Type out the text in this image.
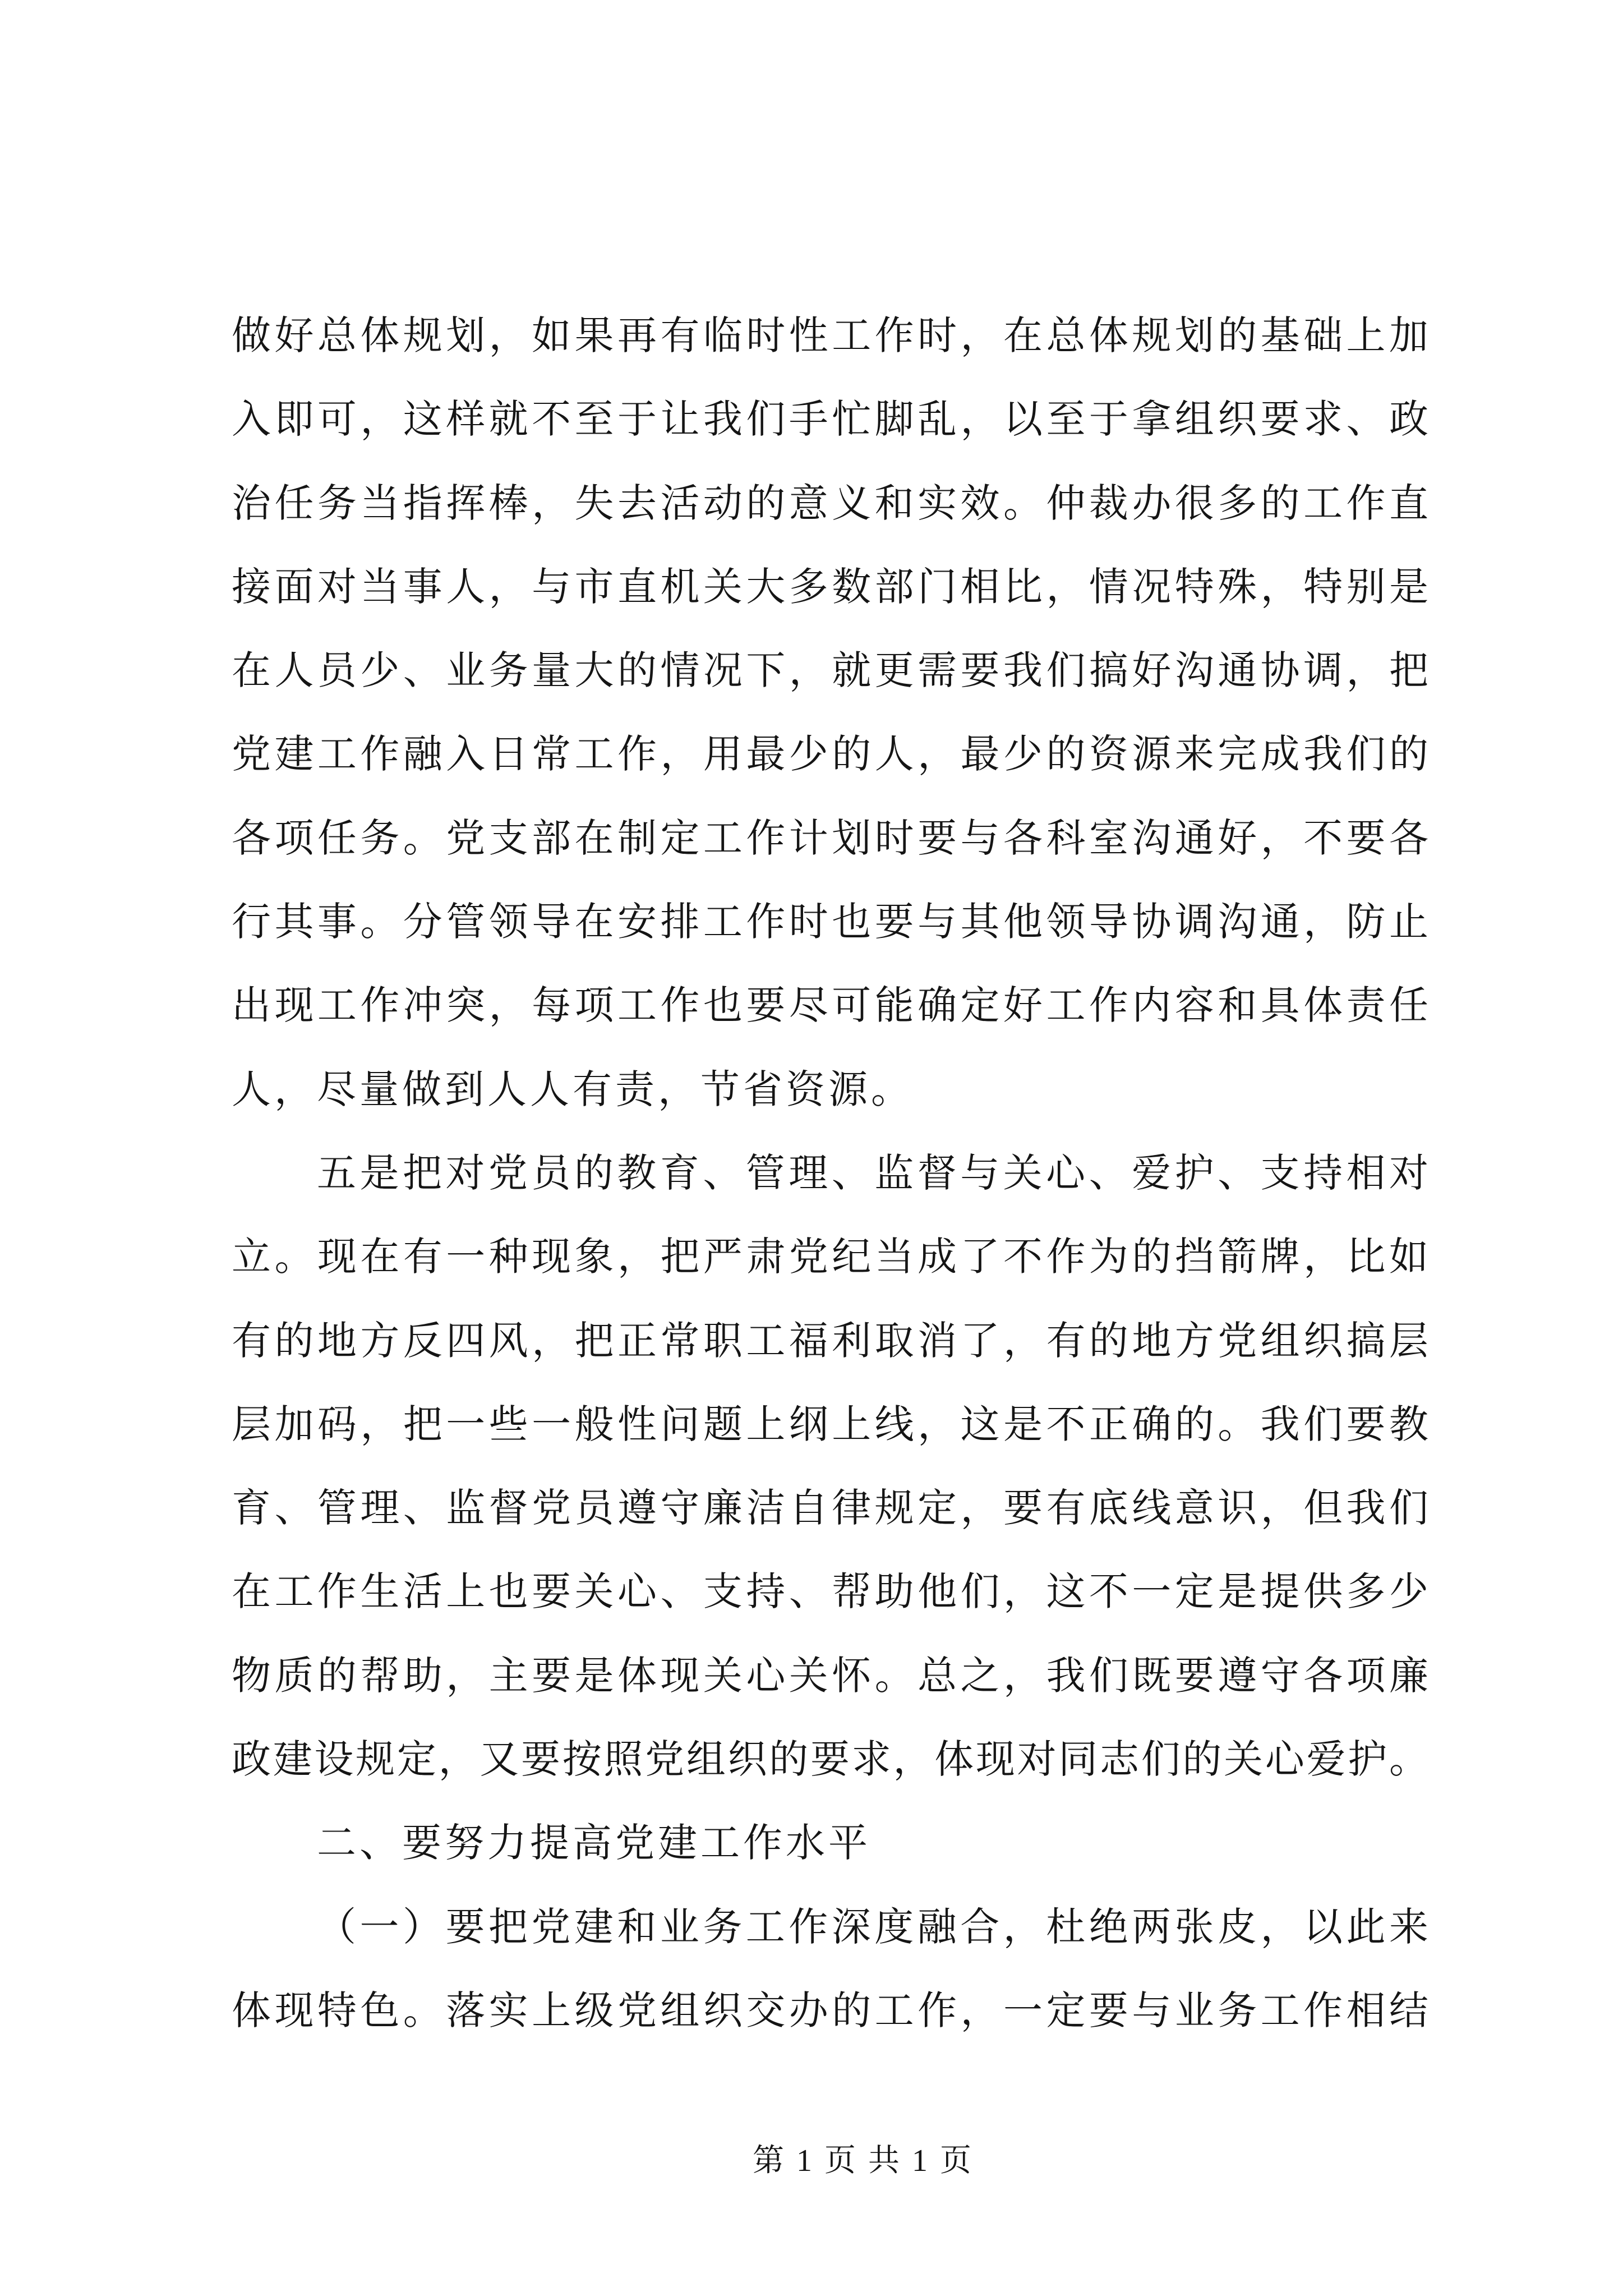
做好总体规划，如果再有临时性工作时，在总体规划的基础上加
入即可，这样就不至于让我们手忙脚乱，以至于拿组织要求、政
治任务当指挥棒，失去活动的意义和实效。仲裁办很多的工作直
接面对当事人，与市直机关大多数部门相比，情况特殊，特别是
在人员少、业务量大的情况下，就更需要我们搞好沟通协调，把
党建工作融入日常工作，用最少的人，最少的资源来完成我们的
各项任务。党支部在制定工作计划时要与各科室沟通好，不要各
行其事。分管领导在安排工作时也要与其他领导协调沟通，防止
出现工作冲突，每项工作也要尽可能确定好工作内容和具体责任
人，尽量做到人人有责，节省资源。
五是把对党员的教育、管理、监督与关心、爱护、支持相对
立。现在有一种现象，把严肃党纪当成了不作为的挡箭牌，比如
有的地方反四风，把正常职工福利取消了，有的地方党组织搞层
层加码，把一些一般性问题上纲上线，这是不正确的。我们要教
育、管理、监督党员遵守廉洁自律规定，要有底线意识，但我们
在工作生活上也要关心、支持、帮助他们，这不一定是提供多少
物质的帮助，主要是体现关心关怀。总之，我们既要遵守各项廉
政建设规定，又要按照党组织的要求，体现对同志们的关心爱护。
二、要努力提高党建工作水平
（一）要把党建和业务工作深度融合，杜绝两张皮，以此来
体现特色。落实上级党组织交办的工作，一定要与业务工作相结
第 1 页 共 1 页
